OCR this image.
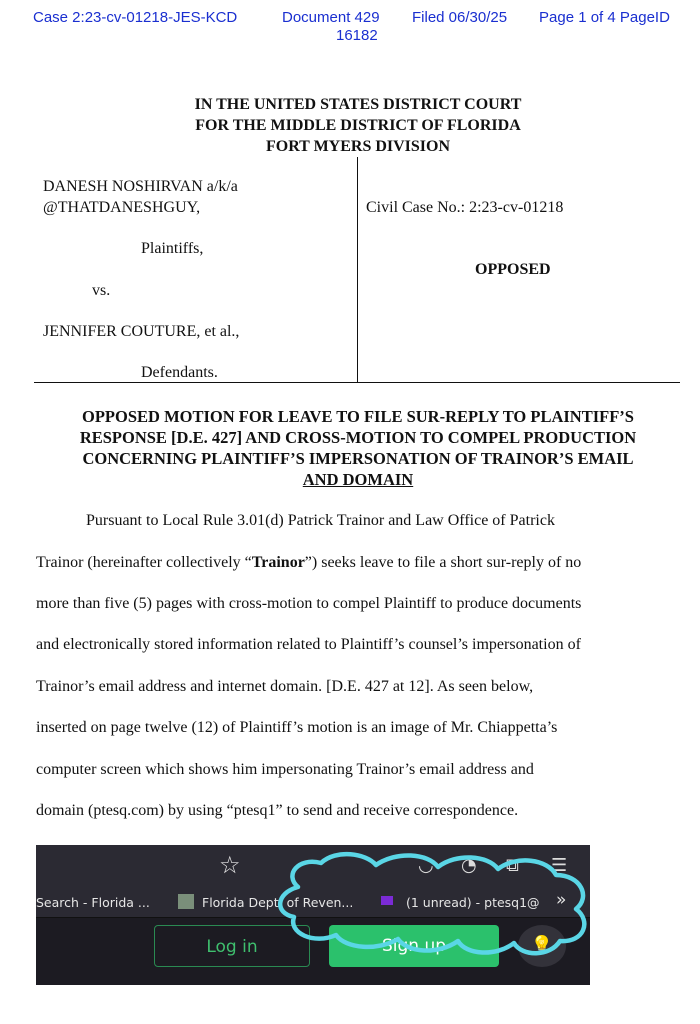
Case 2:23-cv-01218-JES-KCD	Document 429 Filed 06/30/25 Page 1 of 4 PageID
16182
IN THE UNITED STATES DISTRICT COURT
FOR THE MIDDLE DISTRICT OF FLORIDA
FORT MYERS DIVISION
DANESH NOSHIRVAN a/k/a
@THATDANESHGUY,
Plaintiffs,
vs.
JENNIFER COUTURE, et al.,
Defendants.
Civil Case No.: 2:23-cv-01218
OPPOSED
OPPOSED MOTION FOR LEAVE TO FILE SUR-REPLY TO PLAINTIFF’S
RESPONSE [D.E. 427] AND CROSS-MOTION TO COMPEL PRODUCTION
CONCERNING PLAINTIFF’S IMPERSONATION OF TRAINOR’S EMAIL
AND DOMAIN
Pursuant to Local Rule 3.01(d) Patrick Trainor and Law Office of Patrick
Trainor (hereinafter collectively “Trainor”) seeks leave to file a short sur-reply of no
more than five (5) pages with cross-motion to compel Plaintiff to produce documents
and electronically stored information related to Plaintiff’s counsel’s impersonation of
Trainor’s email address and internet domain. [D.E. 427 at 12]. As seen below,
inserted on page twelve (12) of Plaintiff’s motion is an image of Mr. Chiappetta’s
computer screen which shows him impersonating Trainor’s email address and
domain (ptesq.com) by using “ptesq1” to send and receive correspondence.
☆	◡ ◔ ⧉ ☰
Search - Florida ...	Florida Dept. of Reven...	(1 unread) - ptesq1@ »
Log in	Sign up	💡
